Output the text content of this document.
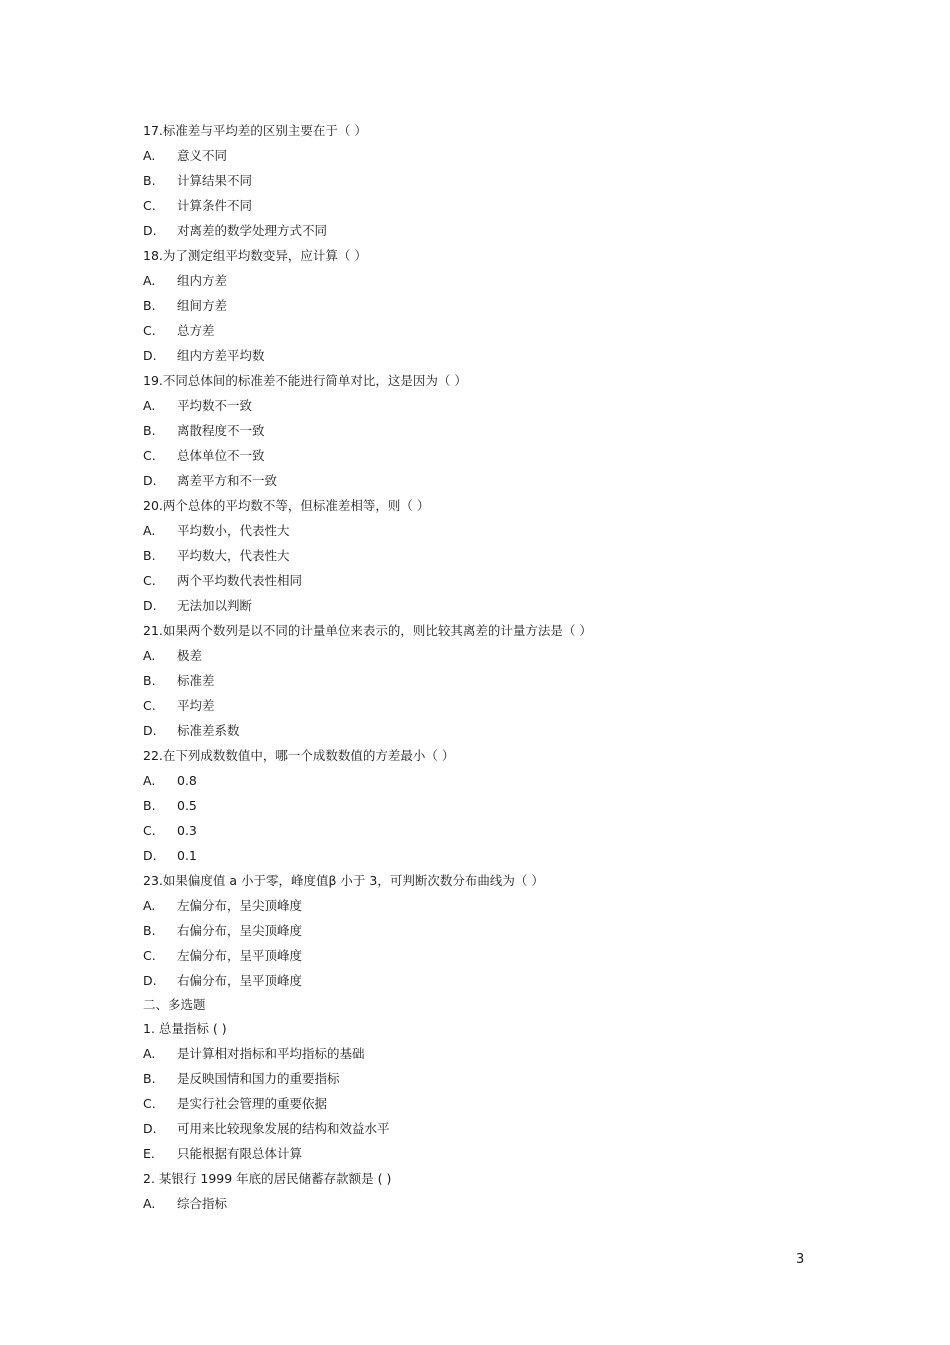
17.标准差与平均差的区别主要在于（ ）
A. 意义不同
B. 计算结果不同
C. 计算条件不同
D. 对离差的数学处理方式不同
18.为了测定组平均数变异，应计算（ ）
A. 组内方差
B. 组间方差
C. 总方差
D. 组内方差平均数
19.不同总体间的标准差不能进行简单对比，这是因为（ ）
A. 平均数不一致
B. 离散程度不一致
C. 总体单位不一致
D. 离差平方和不一致
20.两个总体的平均数不等，但标准差相等，则（ ）
A. 平均数小，代表性大
B. 平均数大，代表性大
C. 两个平均数代表性相同
D. 无法加以判断
21.如果两个数列是以不同的计量单位来表示的，则比较其离差的计量方法是（ ）
A. 极差
B. 标准差
C. 平均差
D. 标准差系数
22.在下列成数数值中，哪一个成数数值的方差最小（ ）
A. 0.8
B. 0.5
C. 0.3
D. 0.1
23.如果偏度值 a 小于零，峰度值β 小于 3，可判断次数分布曲线为（ ）
A. 左偏分布，呈尖顶峰度
B. 右偏分布，呈尖顶峰度
C. 左偏分布，呈平顶峰度
D. 右偏分布，呈平顶峰度
二、多选题
1. 总量指标 ( )
A. 是计算相对指标和平均指标的基础
B. 是反映国情和国力的重要指标
C. 是实行社会管理的重要依据
D. 可用来比较现象发展的结构和效益水平
E. 只能根据有限总体计算
2. 某银行 1999 年底的居民储蓄存款额是 ( )
A. 综合指标
3
